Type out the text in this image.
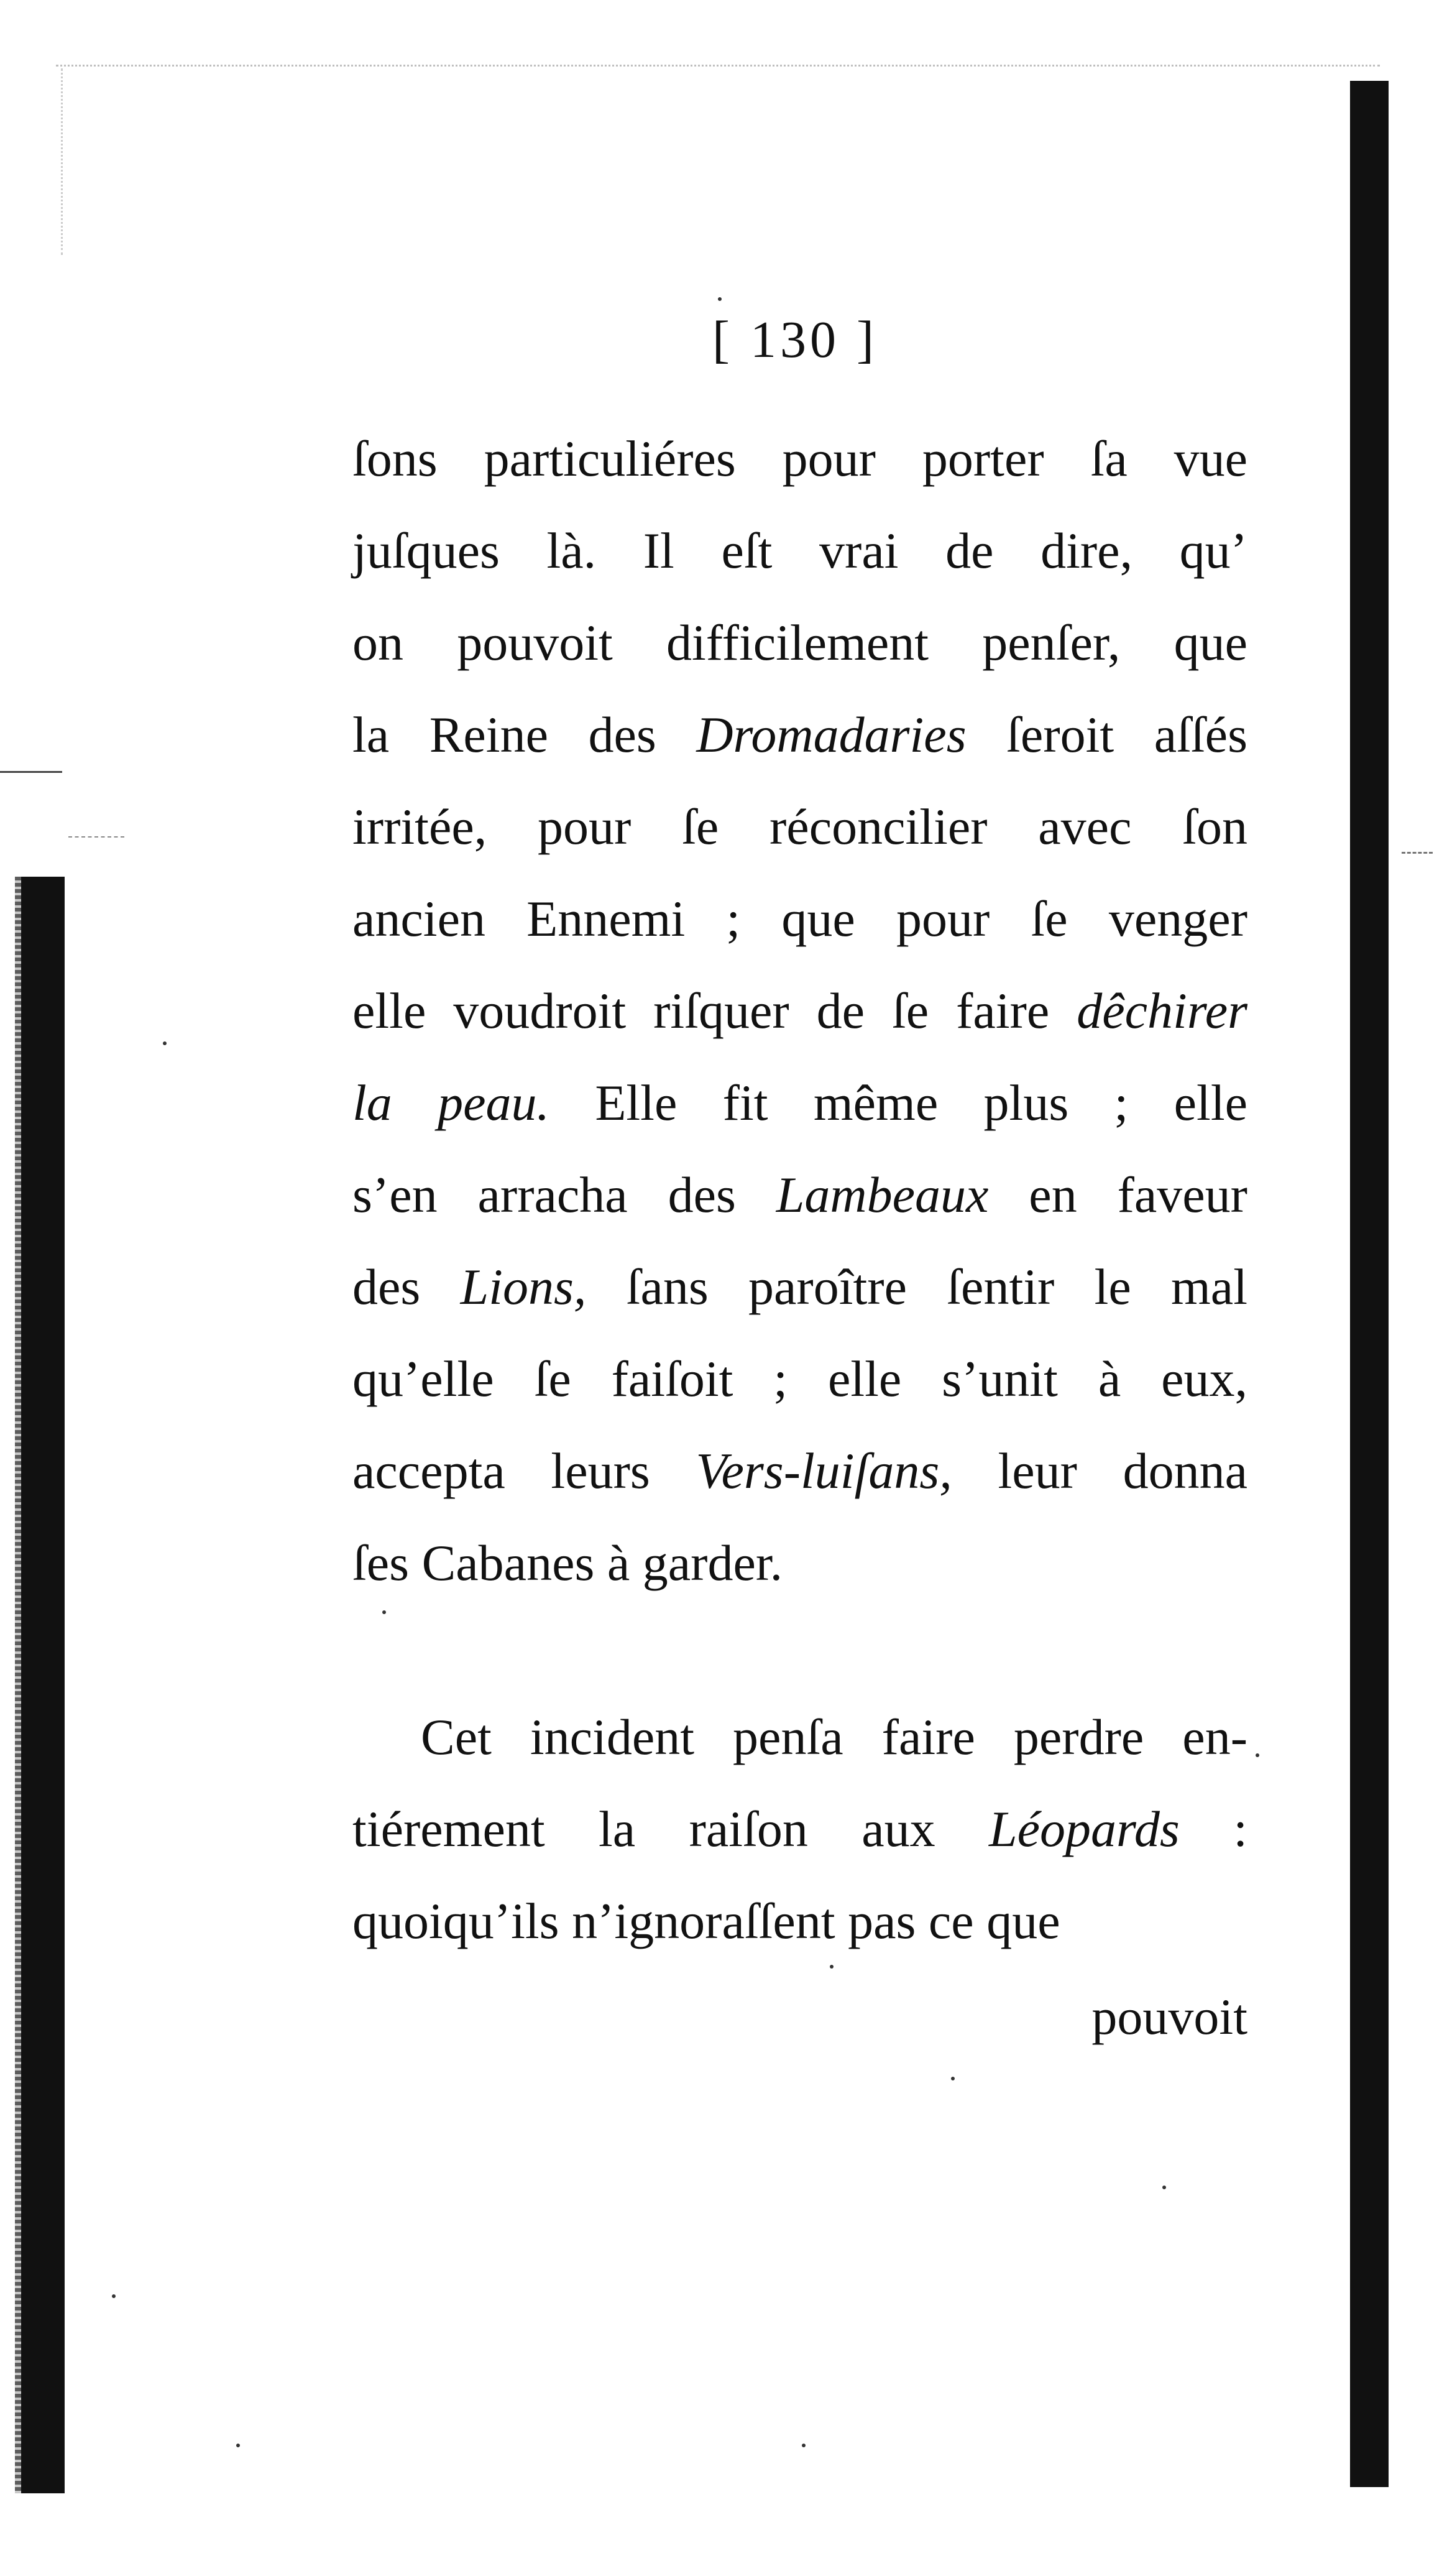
[ 130 ]
ſons particuliéres pour porter ſa vue
juſques là. Il eſt vrai de dire, qu’
on pouvoit difficilement penſer, que
la Reine des Dromadaries ſeroit aſſés
irritée, pour ſe réconcilier avec ſon
ancien Ennemi ; que pour ſe venger
elle voudroit riſquer de ſe faire dêchirer
la peau. Elle fit même plus ; elle
s’en arracha des Lambeaux en faveur
des Lions, ſans paroître ſentir le mal
qu’elle ſe faiſoit ; elle s’unit à eux,
accepta leurs Vers-luiſans, leur donna
ſes Cabanes à garder.
Cet incident penſa faire perdre en-
tiérement la raiſon aux Léopards :
quoiqu’ils n’ignoraſſent pas ce que
pouvoit
